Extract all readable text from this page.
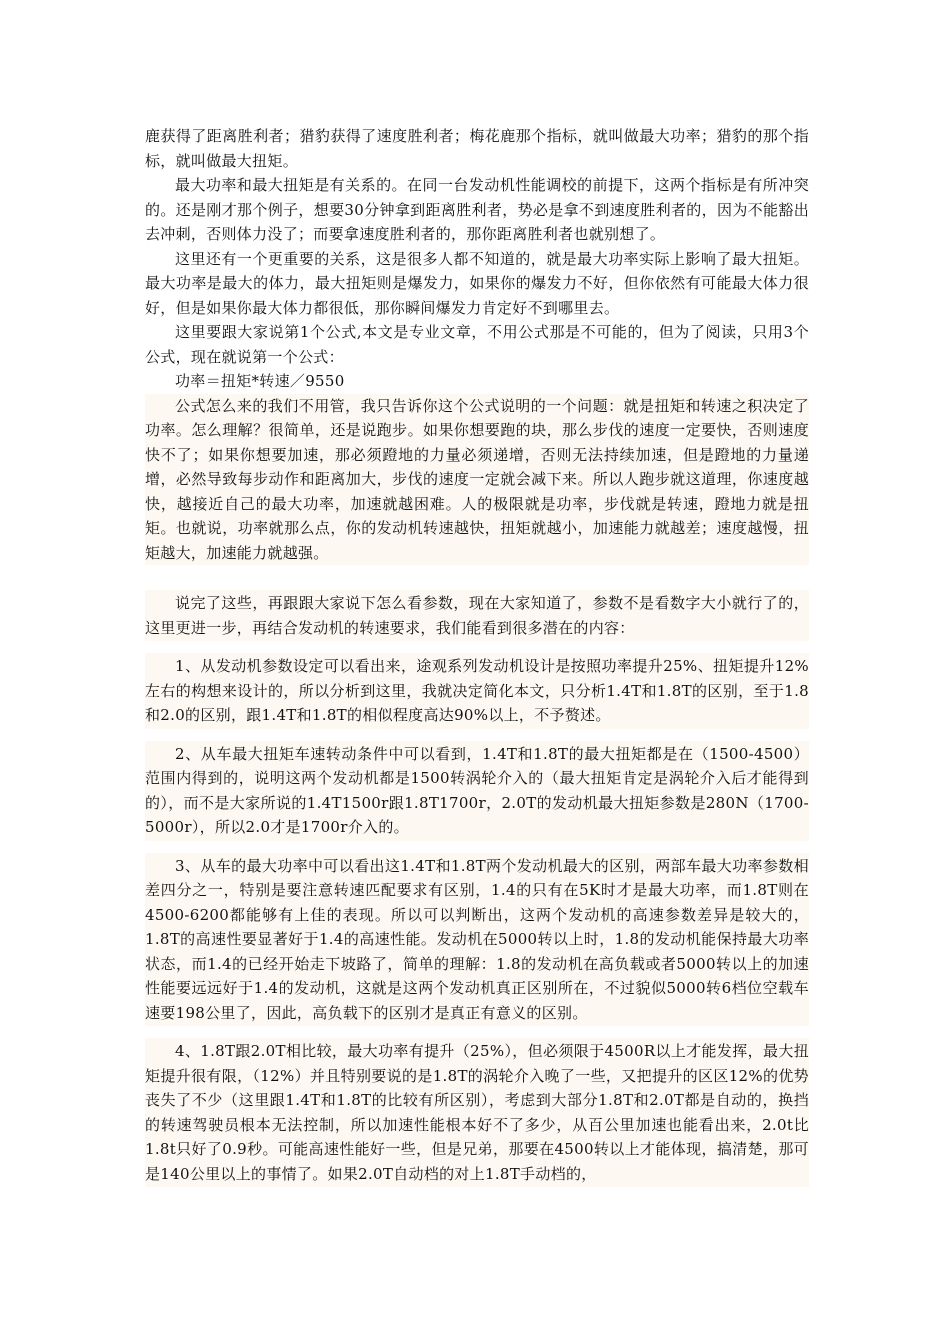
鹿获得了距离胜利者；猎豹获得了速度胜利者；梅花鹿那个指标，就叫做最大功率；猎豹的那个指标，就叫做最大扭矩。

最大功率和最大扭矩是有关系的。在同一台发动机性能调校的前提下，这两个指标是有所冲突的。还是刚才那个例子，想要30分钟拿到距离胜利者，势必是拿不到速度胜利者的，因为不能豁出去冲刺，否则体力没了；而要拿速度胜利者的，那你距离胜利者也就别想了。

这里还有一个更重要的关系，这是很多人都不知道的，就是最大功率实际上影响了最大扭矩。最大功率是最大的体力，最大扭矩则是爆发力，如果你的爆发力不好，但你依然有可能最大体力很好，但是如果你最大体力都很低，那你瞬间爆发力肯定好不到哪里去。

这里要跟大家说第1个公式,本文是专业文章，不用公式那是不可能的，但为了阅读，只用3个公式，现在就说第一个公式：

功率＝扭矩*转速／9550

公式怎么来的我们不用管，我只告诉你这个公式说明的一个问题：就是扭矩和转速之积决定了功率。怎么理解？很简单，还是说跑步。如果你想要跑的块，那么步伐的速度一定要快，否则速度快不了；如果你想要加速，那必须蹬地的力量必须递增，否则无法持续加速，但是蹬地的力量递增，必然导致每步动作和距离加大，步伐的速度一定就会减下来。所以人跑步就这道理，你速度越快，越接近自己的最大功率，加速就越困难。人的极限就是功率，步伐就是转速，蹬地力就是扭矩。也就说，功率就那么点，你的发动机转速越快，扭矩就越小，加速能力就越差；速度越慢，扭矩越大，加速能力就越强。

说完了这些，再跟跟大家说下怎么看参数，现在大家知道了，参数不是看数字大小就行了的，这里更进一步，再结合发动机的转速要求，我们能看到很多潜在的内容：

1、从发动机参数设定可以看出来，途观系列发动机设计是按照功率提升25%、扭矩提升12%左右的构想来设计的，所以分析到这里，我就决定简化本文，只分析1.4T和1.8T的区别，至于1.8和2.0的区别，跟1.4T和1.8T的相似程度高达90%以上，不予赘述。

2、从车最大扭矩车速转动条件中可以看到，1.4T和1.8T的最大扭矩都是在（1500-4500）范围内得到的，说明这两个发动机都是1500转涡轮介入的（最大扭矩肯定是涡轮介入后才能得到的），而不是大家所说的1.4T1500r跟1.8T1700r，2.0T的发动机最大扭矩参数是280N（1700-5000r），所以2.0才是1700r介入的。

3、从车的最大功率中可以看出这1.4T和1.8T两个发动机最大的区别，两部车最大功率参数相差四分之一，特别是要注意转速匹配要求有区别，1.4的只有在5K时才是最大功率，而1.8T则在4500-6200都能够有上佳的表现。所以可以判断出，这两个发动机的高速参数差异是较大的，1.8T的高速性要显著好于1.4的高速性能。发动机在5000转以上时，1.8的发动机能保持最大功率状态，而1.4的已经开始走下坡路了，简单的理解：1.8的发动机在高负载或者5000转以上的加速性能要远远好于1.4的发动机，这就是这两个发动机真正区别所在，不过貌似5000转6档位空载车速要198公里了，因此，高负载下的区别才是真正有意义的区别。

4、1.8T跟2.0T相比较，最大功率有提升（25%），但必须限于4500R以上才能发挥，最大扭矩提升很有限，（12%）并且特别要说的是1.8T的涡轮介入晚了一些，又把提升的区区12%的优势丧失了不少（这里跟1.4T和1.8T的比较有所区别），考虑到大部分1.8T和2.0T都是自动的，换挡的转速驾驶员根本无法控制，所以加速性能根本好不了多少，从百公里加速也能看出来，2.0t比1.8t只好了0.9秒。可能高速性能好一些，但是兄弟，那要在4500转以上才能体现，搞清楚，那可是140公里以上的事情了。如果2.0T自动档的对上1.8T手动档的，
